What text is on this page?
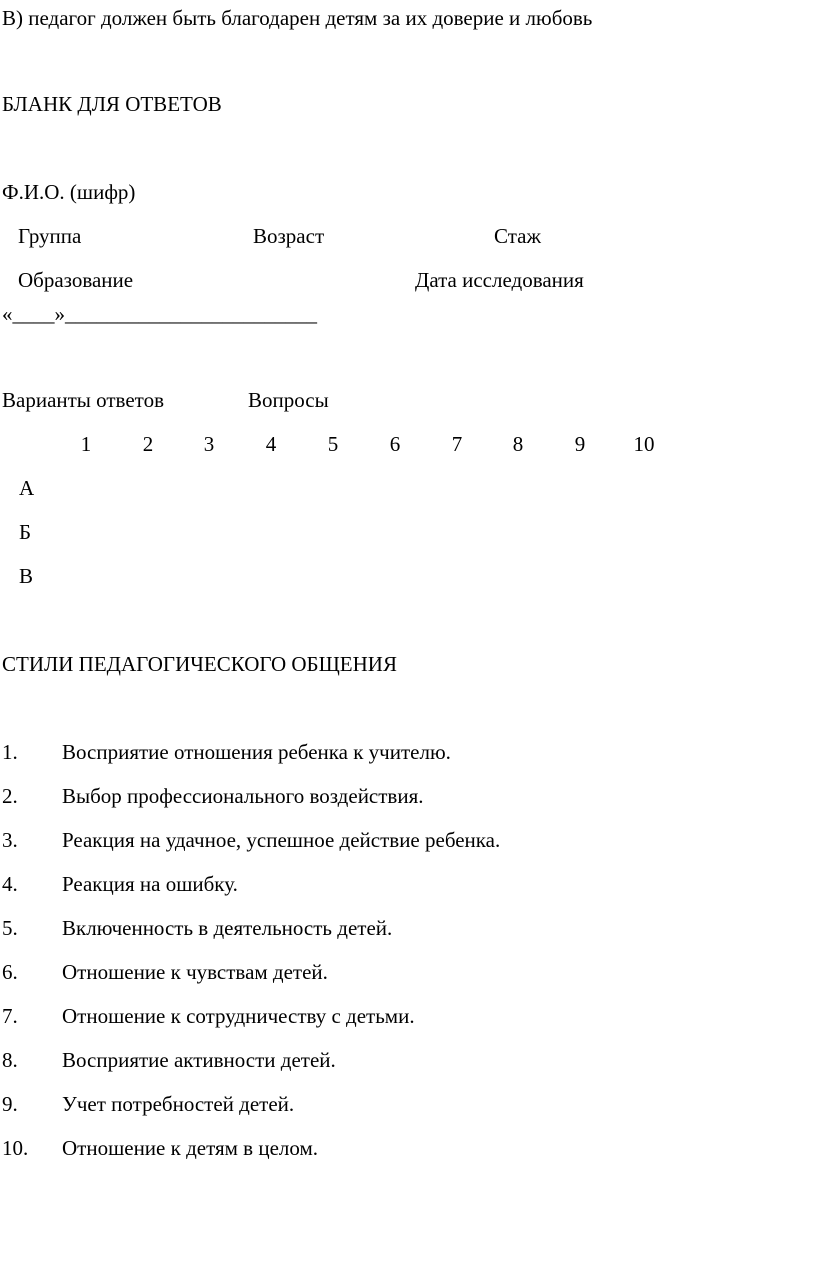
В) педагог должен быть благодарен детям за их доверие и любовь
БЛАНК ДЛЯ ОТВЕТОВ
Ф.И.О. (шифр)
Группа	Возраст	Стаж
Образование	Дата исследования
«____»________________________
Варианты ответов	Вопросы
1	2	3	4	5	6	7	8	9	10
А
Б
В
СТИЛИ ПЕДАГОГИЧЕСКОГО ОБЩЕНИЯ
1. Восприятие отношения ребенка к учителю.
2. Выбор профессионального воздействия.
3. Реакция на удачное, успешное действие ребенка.
4. Реакция на ошибку.
5. Включенность в деятельность детей.
6. Отношение к чувствам детей.
7. Отношение к сотрудничеству с детьми.
8. Восприятие активности детей.
9. Учет потребностей детей.
10. Отношение к детям в целом.
